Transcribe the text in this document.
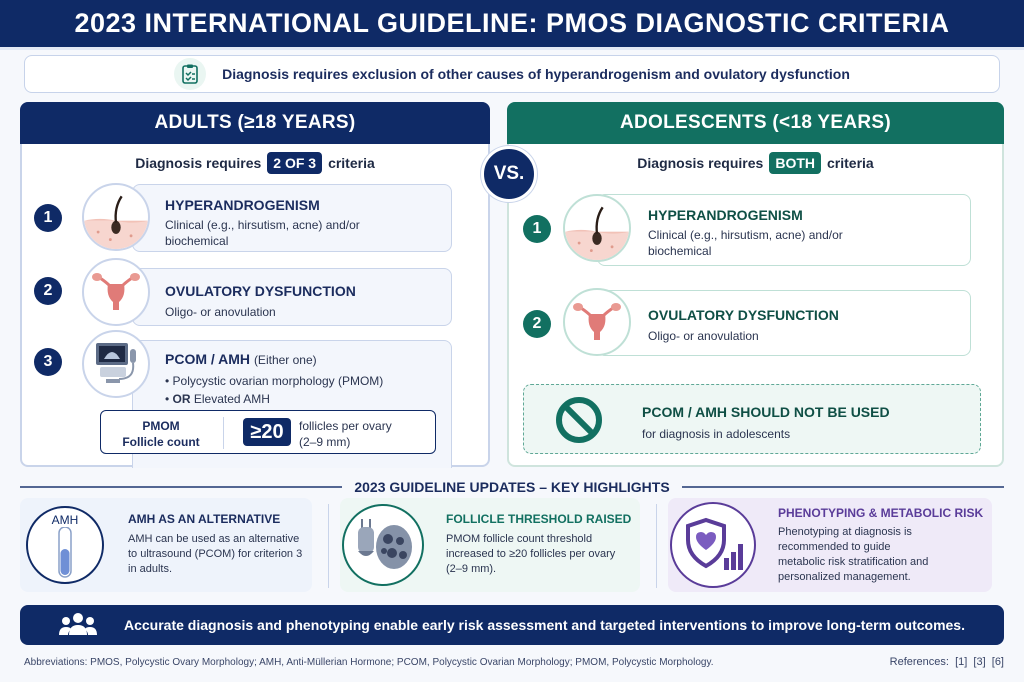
2023 INTERNATIONAL GUIDELINE: PMOS DIAGNOSTIC CRITERIA
Diagnosis requires exclusion of other causes of hyperandrogenism and ovulatory dysfunction
ADULTS (≥18 YEARS)
Diagnosis requires 2 OF 3 criteria
1
HYPERANDROGENISM
Clinical (e.g., hirsutism, acne) and/or
biochemical
2	OVULATORY DYSFUNCTION
Oligo- or anovulation
3	PCOM / AMH (Either one)
• Polycystic ovarian morphology (PMOM)
• OR Elevated AMH
PMOM
Follicle count	≥20	follicles per ovary
(2–9 mm)
VS.
ADOLESCENTS (<18 YEARS)
Diagnosis requires BOTH criteria
1
HYPERANDROGENISM
Clinical (e.g., hirsutism, acne) and/or
biochemical
2	OVULATORY DYSFUNCTION
Oligo- or anovulation
PCOM / AMH SHOULD NOT BE USED
for diagnosis in adolescents
2023 GUIDELINE UPDATES – KEY HIGHLIGHTS
AMH	AMH AS AN ALTERNATIVE
AMH can be used as an alternative
to ultrasound (PCOM) for criterion 3
in adults.
FOLLICLE THRESHOLD RAISED
PMOM follicle count threshold
increased to ≥20 follicles per ovary
(2–9 mm).
PHENOTYPING & METABOLIC RISK
Phenotyping at diagnosis is
recommended to guide
metabolic risk stratification and
personalized management.
Accurate diagnosis and phenotyping enable early risk assessment and targeted interventions to improve long-term outcomes.
Abbreviations: PMOS, Polycystic Ovary Morphology; AMH, Anti-Müllerian Hormone; PCOM, Polycystic Ovarian Morphology; PMOM, Polycystic Morphology.	References:  [1]  [3]  [6]
